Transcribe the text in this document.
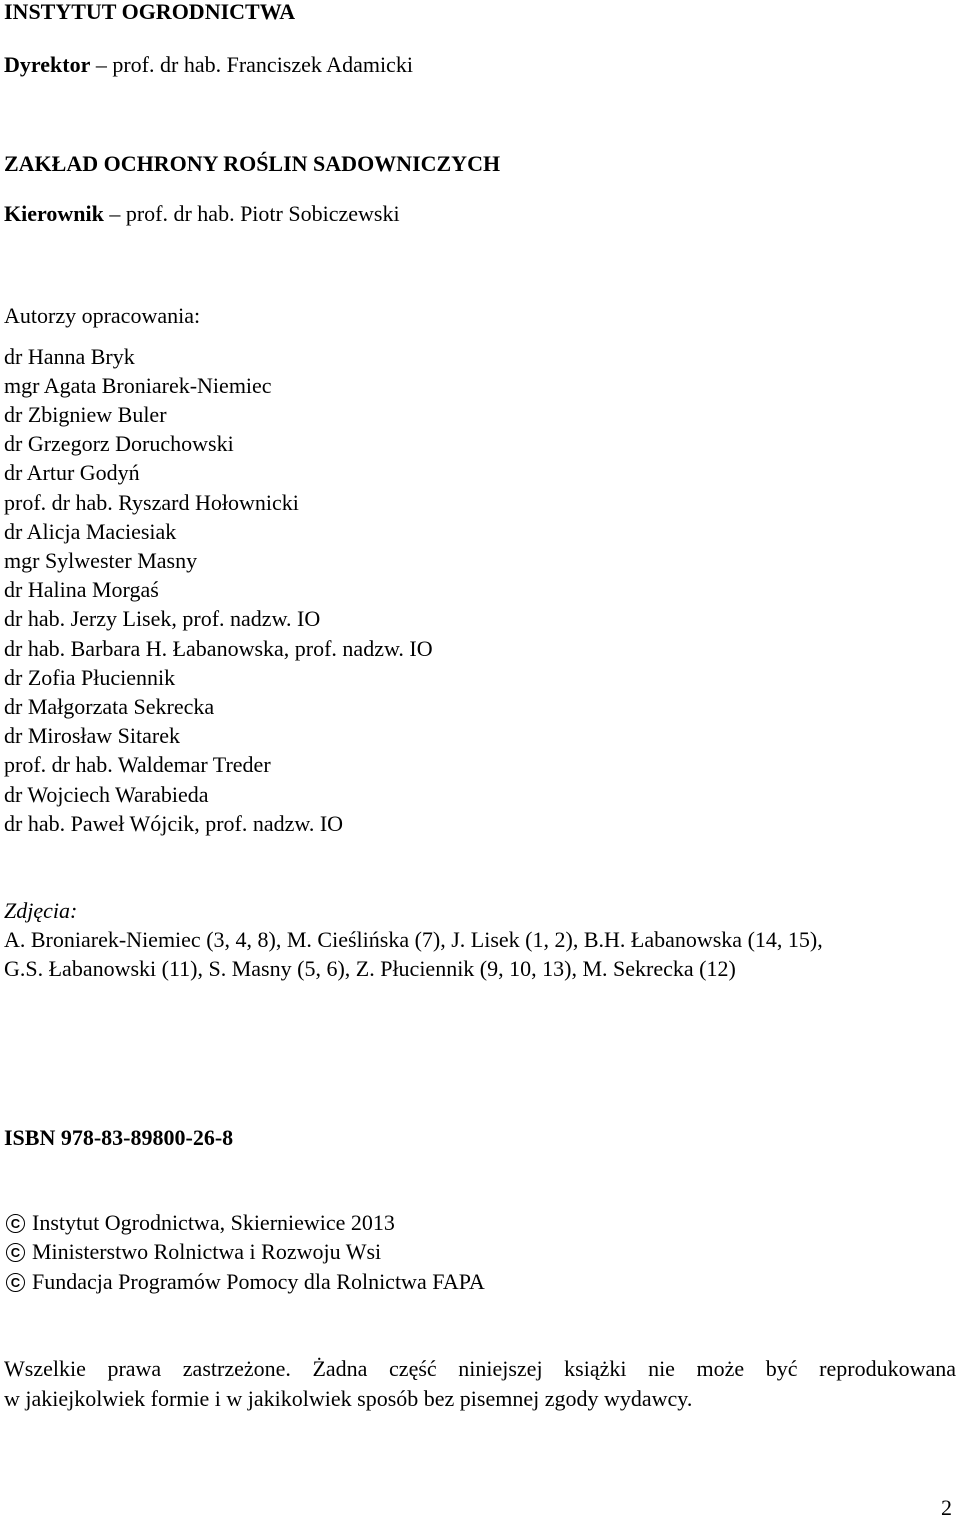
INSTYTUT OGRODNICTWA
Dyrektor – prof. dr hab. Franciszek Adamicki
ZAKŁAD OCHRONY ROŚLIN SADOWNICZYCH
Kierownik – prof. dr hab. Piotr Sobiczewski
Autorzy opracowania:
dr Hanna Bryk
mgr Agata Broniarek-Niemiec
dr Zbigniew Buler
dr Grzegorz Doruchowski
dr Artur Godyń
prof. dr hab. Ryszard Hołownicki
dr Alicja Maciesiak
mgr Sylwester Masny
dr Halina Morgaś
dr hab. Jerzy Lisek, prof. nadzw. IO
dr hab. Barbara H. Łabanowska, prof. nadzw. IO
dr Zofia Płuciennik
dr Małgorzata Sekrecka
dr Mirosław Sitarek
prof. dr hab. Waldemar Treder
dr Wojciech Warabieda
dr hab. Paweł Wójcik, prof. nadzw. IO
Zdjęcia:
A. Broniarek-Niemiec (3, 4, 8), M. Cieślińska (7), J. Lisek (1, 2), B.H. Łabanowska (14, 15),
G.S. Łabanowski (11), S. Masny (5, 6), Z. Płuciennik (9, 10, 13), M. Sekrecka (12)
ISBN 978-83-89800-26-8
C
Instytut Ogrodnictwa, Skierniewice 2013
C
Ministerstwo Rolnictwa i Rozwoju Wsi
C
Fundacja Programów Pomocy dla Rolnictwa FAPA
Wszelkie prawa zastrzeżone. Żadna część niniejszej książki nie może być reprodukowana
w jakiejkolwiek formie i w jakikolwiek sposób bez pisemnej zgody wydawcy.
2
